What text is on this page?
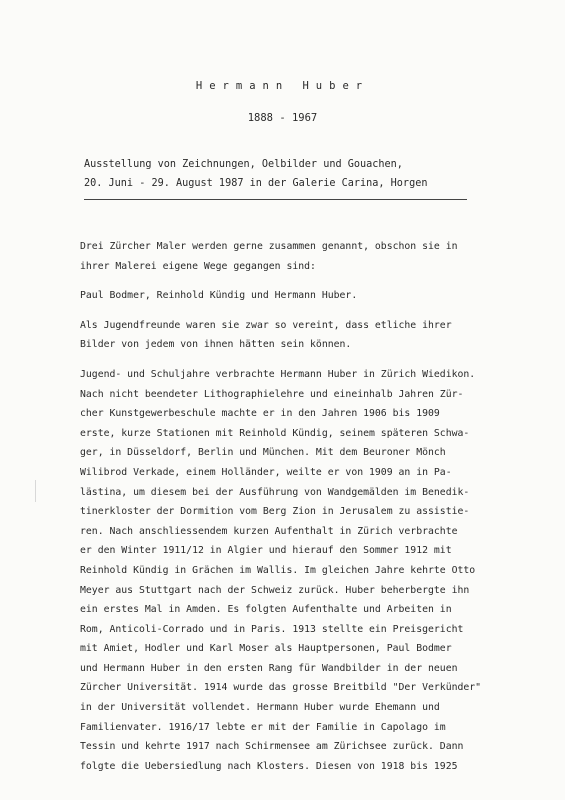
Hermann Huber
1888 - 1967
Ausstellung von Zeichnungen, Oelbilder und Gouachen,
20. Juni - 29. August 1987 in der Galerie Carina, Horgen

Drei Zürcher Maler werden gerne zusammen genannt, obschon sie in
ihrer Malerei eigene Wege gegangen sind:

Paul Bodmer, Reinhold Kündig und Hermann Huber.

Als Jugendfreunde waren sie zwar so vereint, dass etliche ihrer
Bilder von jedem von ihnen hätten sein können.

Jugend- und Schuljahre verbrachte Hermann Huber in Zürich Wiedikon.
Nach nicht beendeter Lithographielehre und eineinhalb Jahren Zür-
cher Kunstgewerbeschule machte er in den Jahren 1906 bis 1909
erste, kurze Stationen mit Reinhold Kündig, seinem späteren Schwa-
ger, in Düsseldorf, Berlin und München. Mit dem Beuroner Mönch
Wilibrod Verkade, einem Holländer, weilte er von 1909 an in Pa-
lästina, um diesem bei der Ausführung von Wandgemälden im Benedik-
tinerkloster der Dormition vom Berg Zion in Jerusalem zu assistie-
ren. Nach anschliessendem kurzen Aufenthalt in Zürich verbrachte
er den Winter 1911/12 in Algier und hierauf den Sommer 1912 mit
Reinhold Kündig in Grächen im Wallis. Im gleichen Jahre kehrte Otto
Meyer aus Stuttgart nach der Schweiz zurück. Huber beherbergte ihn
ein erstes Mal in Amden. Es folgten Aufenthalte und Arbeiten in
Rom, Anticoli-Corrado und in Paris. 1913 stellte ein Preisgericht
mit Amiet, Hodler und Karl Moser als Hauptpersonen, Paul Bodmer
und Hermann Huber in den ersten Rang für Wandbilder in der neuen
Zürcher Universität. 1914 wurde das grosse Breitbild "Der Verkünder"
in der Universität vollendet. Hermann Huber wurde Ehemann und
Familienvater. 1916/17 lebte er mit der Familie in Capolago im
Tessin und kehrte 1917 nach Schirmensee am Zürichsee zurück. Dann
folgte die Uebersiedlung nach Klosters. Diesen von 1918 bis 1925
